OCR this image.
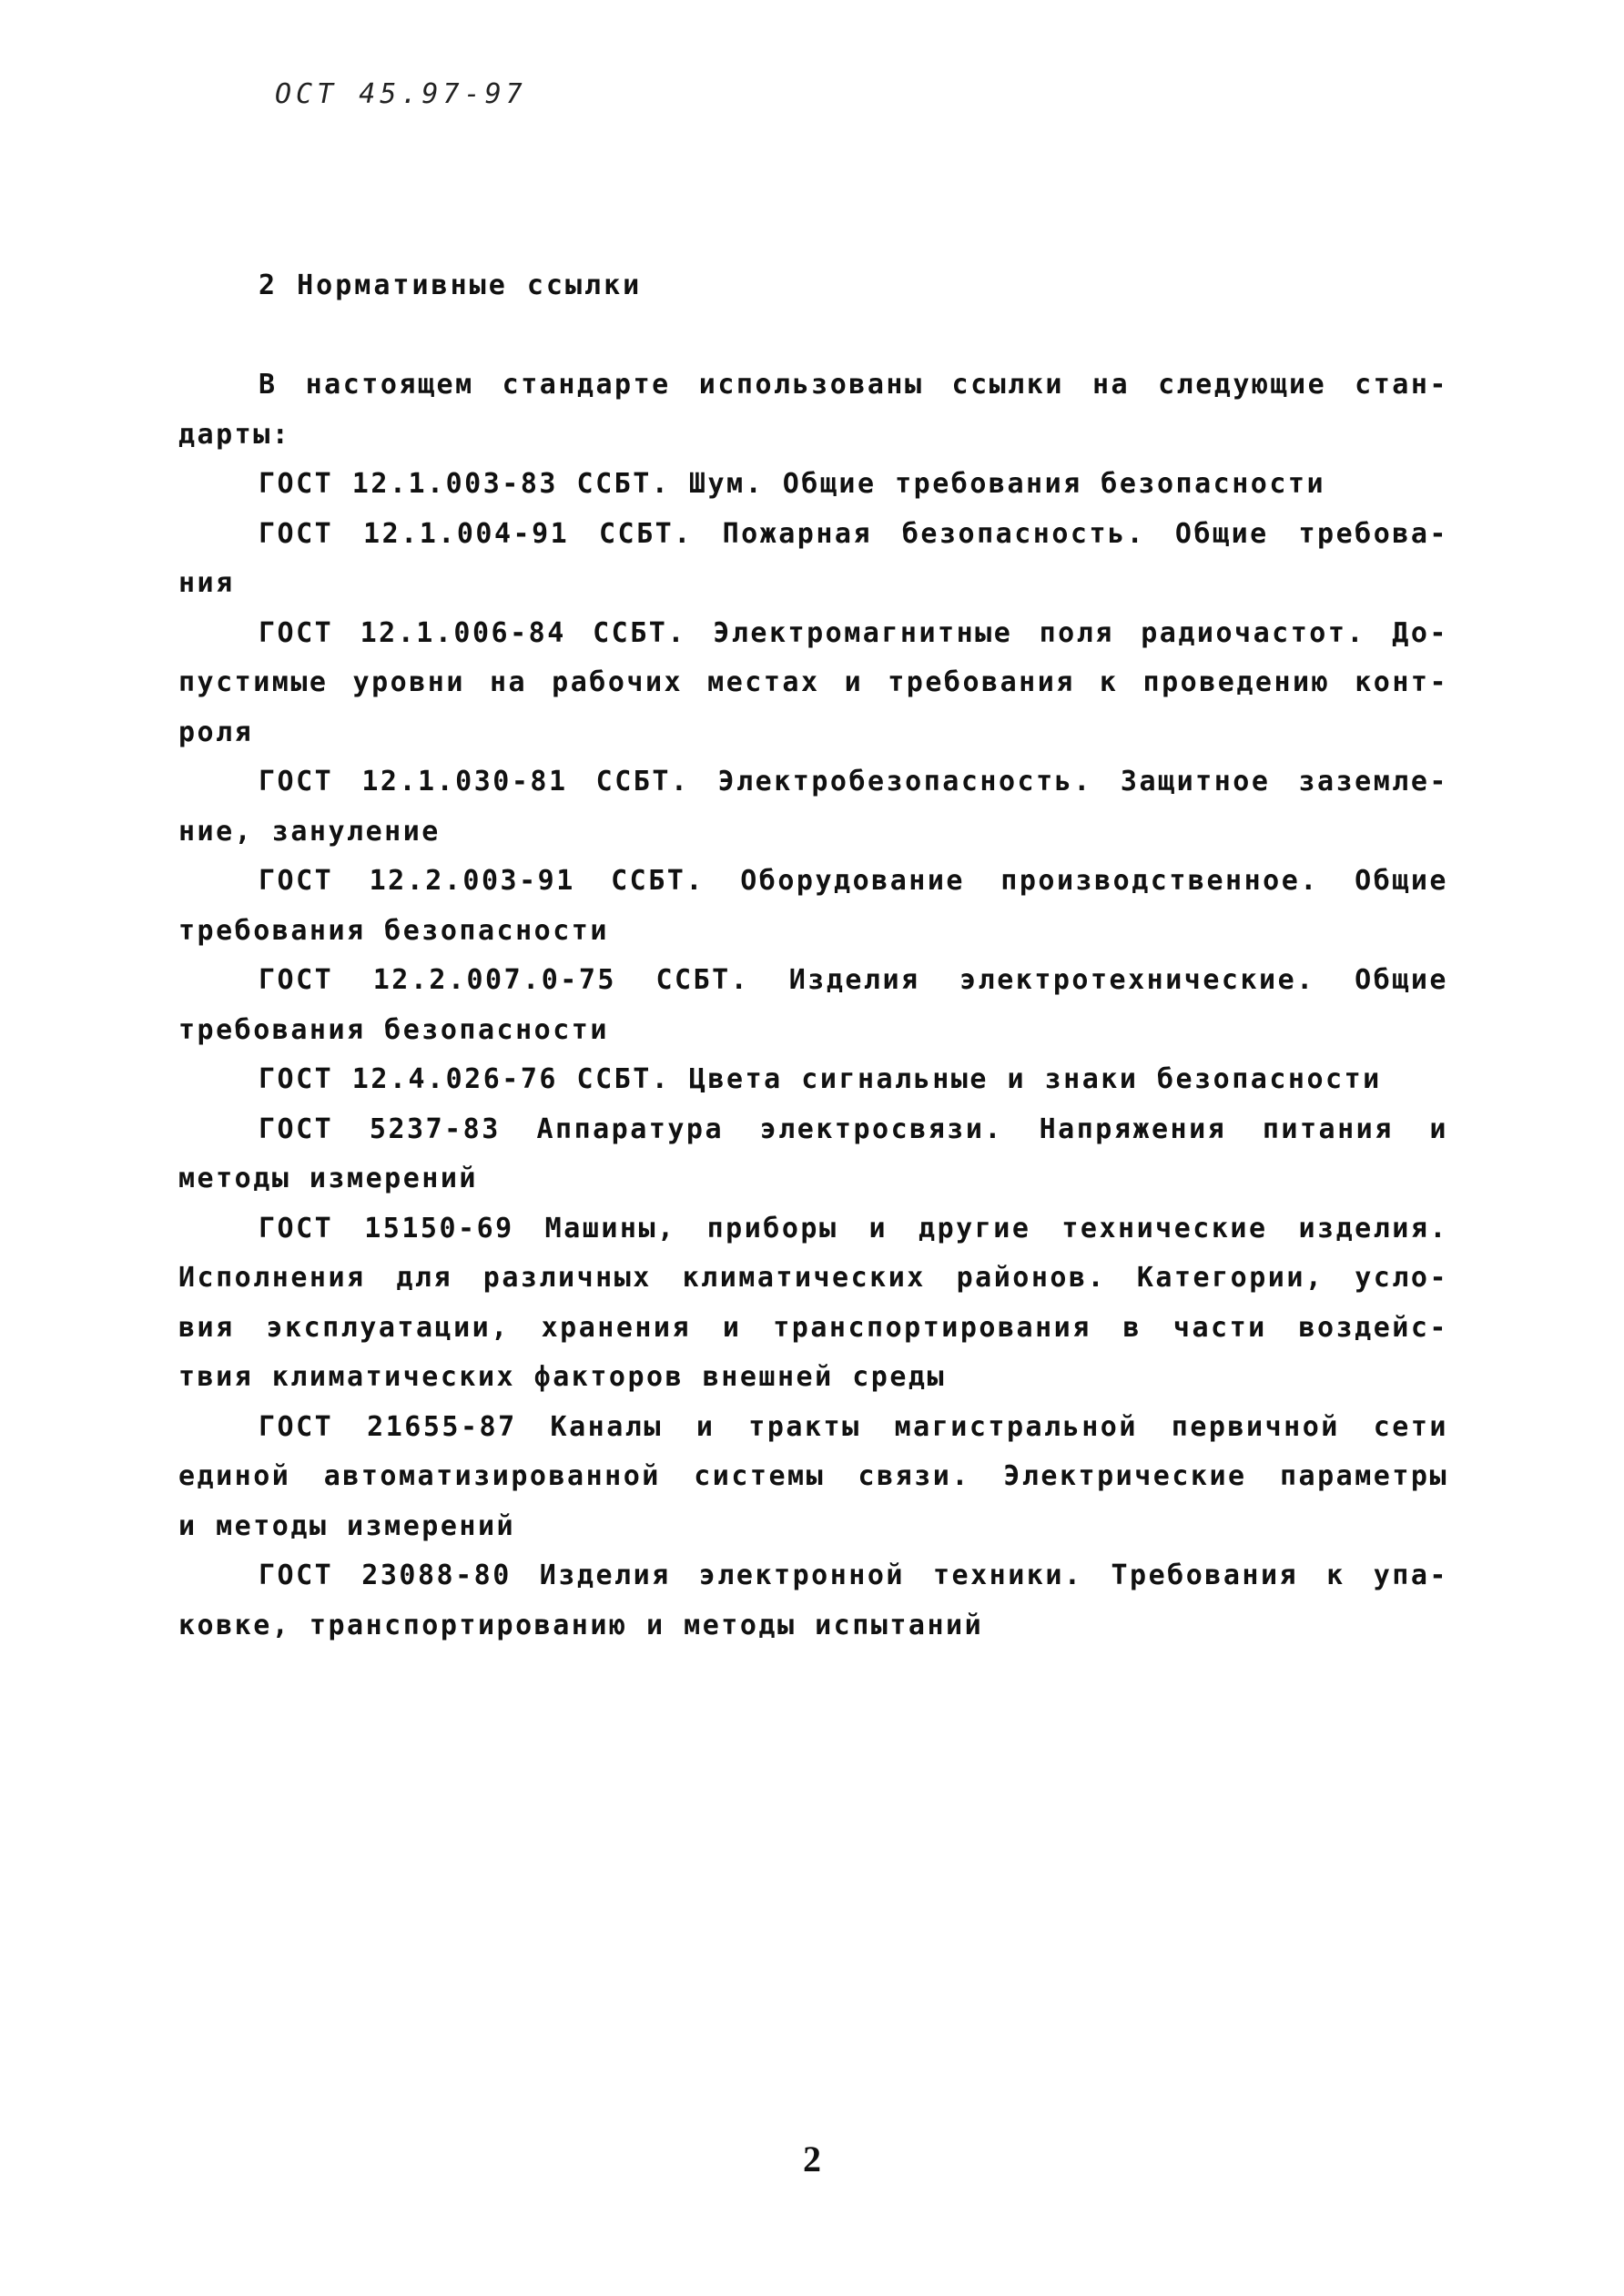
ОСТ 45.97-97
2 Нормативные ссылки
В настоящем стандарте использованы ссылки на следующие стан-
дарты:
ГОСТ 12.1.003-83 ССБТ. Шум. Общие требования безопасности
ГОСТ 12.1.004-91 ССБТ. Пожарная безопасность. Общие требова-
ния
ГОСТ 12.1.006-84 ССБТ. Электромагнитные поля радиочастот. До-
пустимые уровни на рабочих местах и требования к проведению конт-
роля
ГОСТ 12.1.030-81 ССБТ. Электробезопасность. Защитное заземле-
ние, зануление
ГОСТ 12.2.003-91 ССБТ. Оборудование производственное. Общие
требования безопасности
ГОСТ 12.2.007.0-75 ССБТ. Изделия электротехнические. Общие
требования безопасности
ГОСТ 12.4.026-76 ССБТ. Цвета сигнальные и знаки безопасности
ГОСТ 5237-83 Аппаратура электросвязи. Напряжения питания и
методы измерений
ГОСТ 15150-69 Машины, приборы и другие технические изделия.
Исполнения для различных климатических районов. Категории, усло-
вия эксплуатации, хранения и транспортирования в части воздейс-
твия климатических факторов внешней среды
ГОСТ 21655-87 Каналы и тракты магистральной первичной сети
единой автоматизированной системы связи. Электрические параметры
и методы измерений
ГОСТ 23088-80 Изделия электронной техники. Требования к упа-
ковке, транспортированию и методы испытаний
2
